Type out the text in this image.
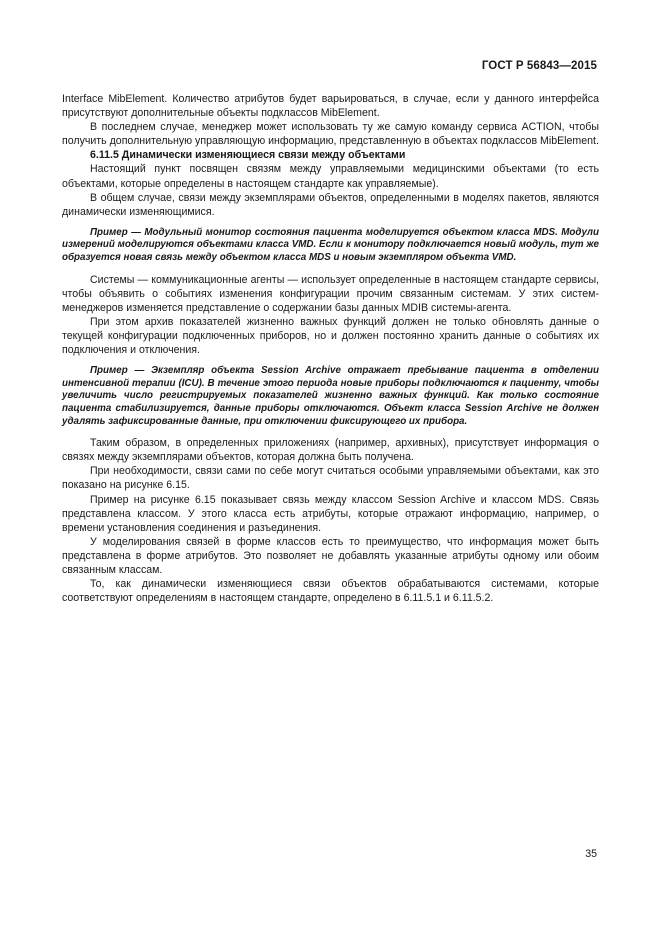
ГОСТ Р 56843—2015

Interface MibElement. Количество атрибутов будет варьироваться, в случае, если у данного интерфейса присутствуют дополнительные объекты подклассов MibElement.

В последнем случае, менеджер может использовать ту же самую команду сервиса ACTION, чтобы получить дополнительную управляющую информацию, представленную в объектах подклассов MibElement.

6.11.5 Динамически изменяющиеся связи между объектами

Настоящий пункт посвящен связям между управляемыми медицинскими объектами (то есть объектами, которые определены в настоящем стандарте как управляемые).

В общем случае, связи между экземплярами объектов, определенными в моделях пакетов, являются динамически изменяющимися.

Пример — Модульный монитор состояния пациента моделируется объектом класса MDS. Модули измерений моделируются объектами класса VMD. Если к монитору подключается новый модуль, тут же образуется новая связь между объектом класса MDS и новым экземпляром объекта VMD.

Системы — коммуникационные агенты — использует определенные в настоящем стандарте сервисы, чтобы объявить о событиях изменения конфигурации прочим связанным системам. У этих систем-менеджеров изменяется представление о содержании базы данных MDIB системы-агента.

При этом архив показателей жизненно важных функций должен не только обновлять данные о текущей конфигурации подключенных приборов, но и должен постоянно хранить данные о событиях их подключения и отключения.

Пример — Экземпляр объекта Session Archive отражает пребывание пациента в отделении интенсивной терапии (ICU). В течение этого периода новые приборы подключаются к пациенту, чтобы увеличить число регистрируемых показателей жизненно важных функций. Как только состояние пациента стабилизируется, данные приборы отключаются. Объект класса Session Archive не должен удалять зафиксированные данные, при отключении фиксирующего их прибора.

Таким образом, в определенных приложениях (например, архивных), присутствует информация о связях между экземплярами объектов, которая должна быть получена.

При необходимости, связи сами по себе могут считаться особыми управляемыми объектами, как это показано на рисунке 6.15.

Пример на рисунке 6.15 показывает связь между классом Session Archive и классом MDS. Связь представлена классом. У этого класса есть атрибуты, которые отражают информацию, например, о времени установления соединения и разъединения.

У моделирования связей в форме классов есть то преимущество, что информация может быть представлена в форме атрибутов. Это позволяет не добавлять указанные атрибуты одному или обоим связанным классам.

То, как динамически изменяющиеся связи объектов обрабатываются системами, которые соответствуют определениям в настоящем стандарте, определено в 6.11.5.1 и 6.11.5.2.

35
